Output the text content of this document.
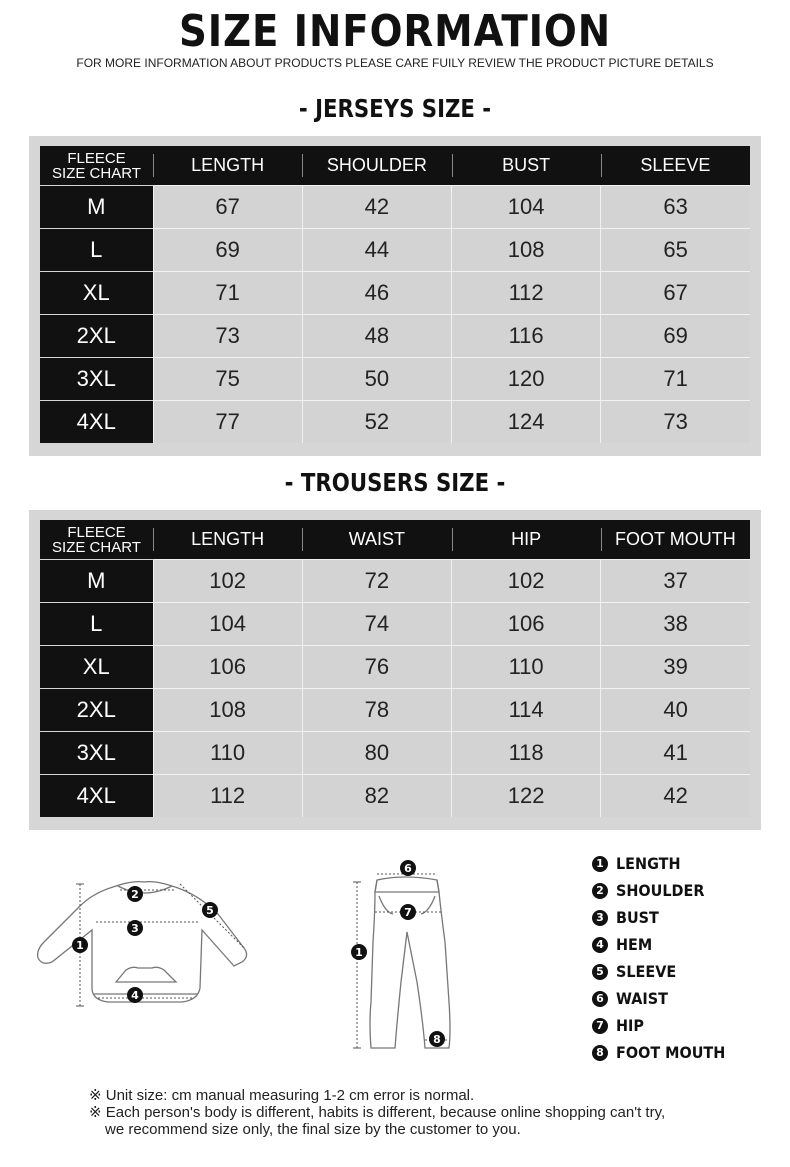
SIZE INFORMATION
FOR MORE INFORMATION ABOUT PRODUCTS PLEASE CARE FUILY REVIEW THE PRODUCT PICTURE DETAILS
- JERSEYS SIZE -
FLEECE
SIZE CHART	LENGTH	SHOULDER	BUST	SLEEVE
M	67	42	104	63
L	69	44	108	65
XL	71	46	112	67
2XL	73	48	116	69
3XL	75	50	120	71
4XL	77	52	124	73
- TROUSERS SIZE -
FLEECE
SIZE CHART	LENGTH	WAIST	HIP	FOOT MOUTH
M	102	72	102	37
L	104	74	106	38
XL	106	76	110	39
2XL	108	78	114	40
3XL	110	80	118	41
4XL	112	82	122	42
1
2
3
4
5
1
6
7
8
1 LENGTH
2 SHOULDER
3 BUST
4 HEM
5 SLEEVE
6 WAIST
7 HIP
8 FOOT MOUTH
※ Unit size: cm manual measuring 1-2 cm error is normal.
※ Each person's body is different, habits is different, because online shopping can't try,
we recommend size only, the final size by the customer to you.
